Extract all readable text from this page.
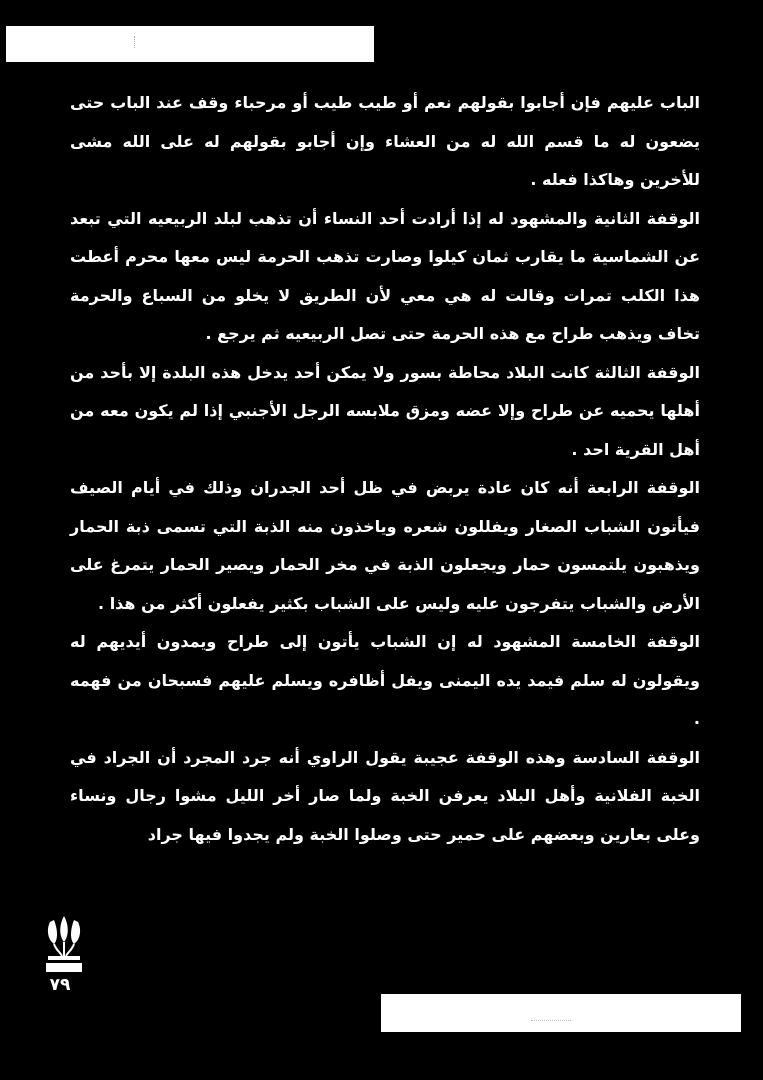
الباب عليهم فإن أجابوا بقولهم نعم أو طيب طيب أو مرحباء وقف عند الباب حتى يضعون له ما قسم الله له من العشاء وإن أجابو بقولهم له على الله مشى للأخرين وهاكذا فعله .

الوقفة الثانية والمشهود له إذا أرادت أحد النساء أن تذهب لبلد الربيعيه التي تبعد عن الشماسية ما يقارب ثمان كيلوا وصارت تذهب الحرمة ليس معها محرم أعطت هذا الكلب تمرات وقالت له هي معي لأن الطريق لا يخلو من السباع والحرمة تخاف ويذهب طراح مع هذه الحرمة حتى تصل الربيعيه ثم يرجع .

الوقفة الثالثة كانت البلاد محاطة بسور ولا يمكن أحد يدخل هذه البلدة إلا بأحد من أهلها يحميه عن طراح وإلا عضه ومزق ملابسه الرجل الأجنبي إذا لم يكون معه من أهل القرية احد .

الوقفة الرابعة أنه كان عادة يربض في ظل أحد الجدران وذلك في أيام الصيف فيأتون الشباب الصغار ويفللون شعره وياخذون منه الذبة التي تسمى ذبة الحمار ويذهبون يلتمسون حمار ويجعلون الذبة في مخر الحمار ويصير الحمار يتمرغ على الأرض والشباب يتفرجون عليه وليس على الشباب بكثير يفعلون أكثر من هذا .

الوقفة الخامسة المشهود له إن الشباب يأتون إلى طراح ويمدون أيديهم له ويقولون له سلم فيمد يده اليمنى ويفل أظافره ويسلم عليهم فسبحان من فهمه .

الوقفة السادسة وهذه الوقفة عجيبة يقول الراوي أنه جرد المجرد أن الجراد في الخبة الفلانية وأهل البلاد يعرفن الخبة ولما صار أخر الليل مشوا رجال ونساء وعلى بعارين وبعضهم على حمير حتى وصلوا الخبة ولم يجدوا فيها جراد

٧٩
